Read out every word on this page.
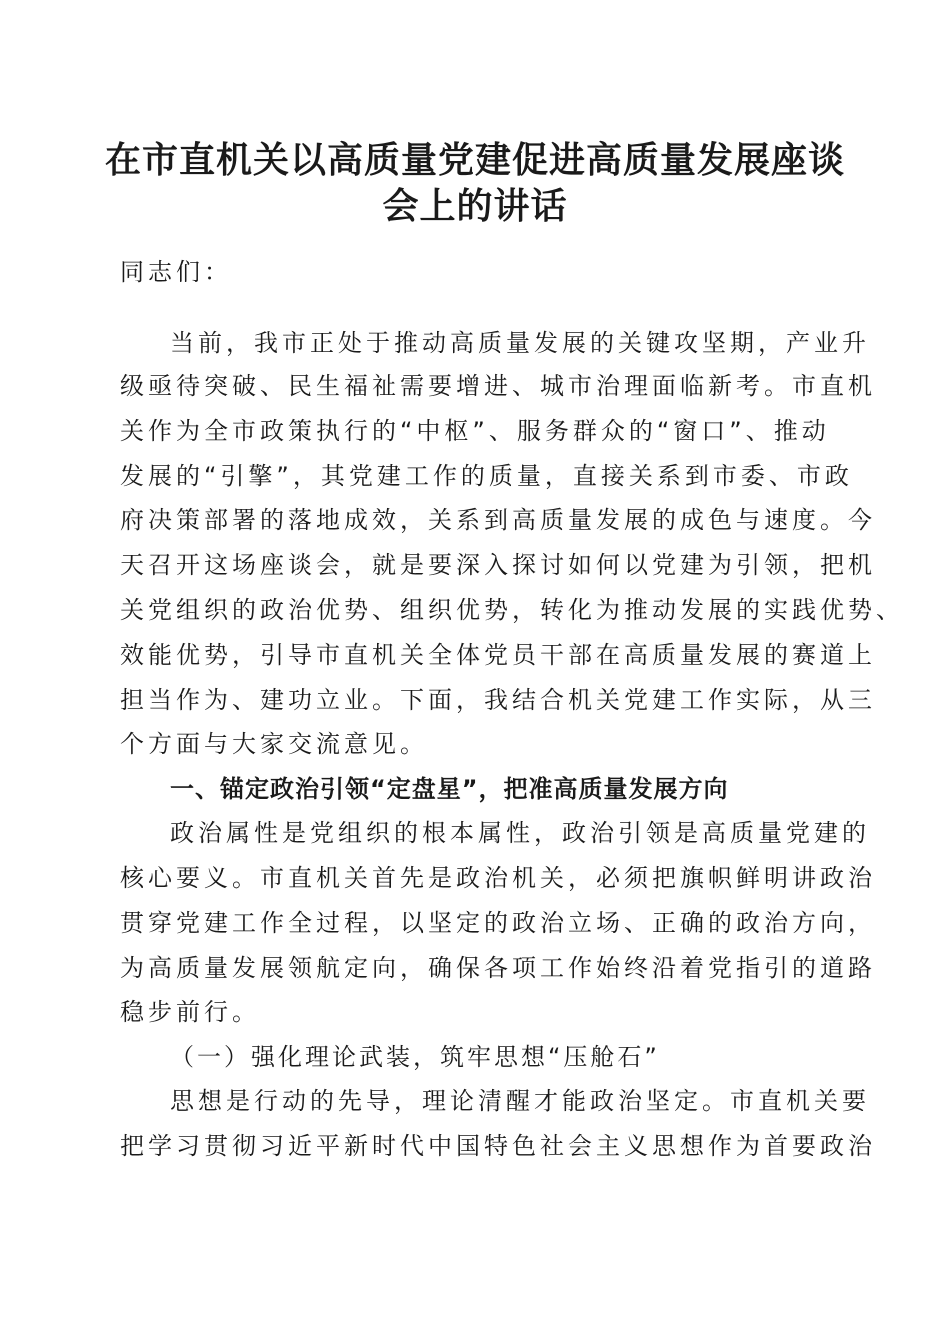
在市直机关以高质量党建促进高质量发展座谈
会上的讲话

同志们：

当前，我市正处于推动高质量发展的关键攻坚期，产业升

级亟待突破、民生福祉需要增进、城市治理面临新考。市直机

关作为全市政策执行的“中枢”、服务群众的“窗口”、推动

发展的“引擎”，其党建工作的质量，直接关系到市委、市政

府决策部署的落地成效，关系到高质量发展的成色与速度。今

天召开这场座谈会，就是要深入探讨如何以党建为引领，把机

关党组织的政治优势、组织优势，转化为推动发展的实践优势、

效能优势，引导市直机关全体党员干部在高质量发展的赛道上

担当作为、建功立业。下面，我结合机关党建工作实际，从三

个方面与大家交流意见。

一、锚定政治引领“定盘星”，把准高质量发展方向

政治属性是党组织的根本属性，政治引领是高质量党建的

核心要义。市直机关首先是政治机关，必须把旗帜鲜明讲政治

贯穿党建工作全过程，以坚定的政治立场、正确的政治方向，

为高质量发展领航定向，确保各项工作始终沿着党指引的道路

稳步前行。

（一）强化理论武装，筑牢思想“压舱石”

思想是行动的先导，理论清醒才能政治坚定。市直机关要

把学习贯彻习近平新时代中国特色社会主义思想作为首要政治
